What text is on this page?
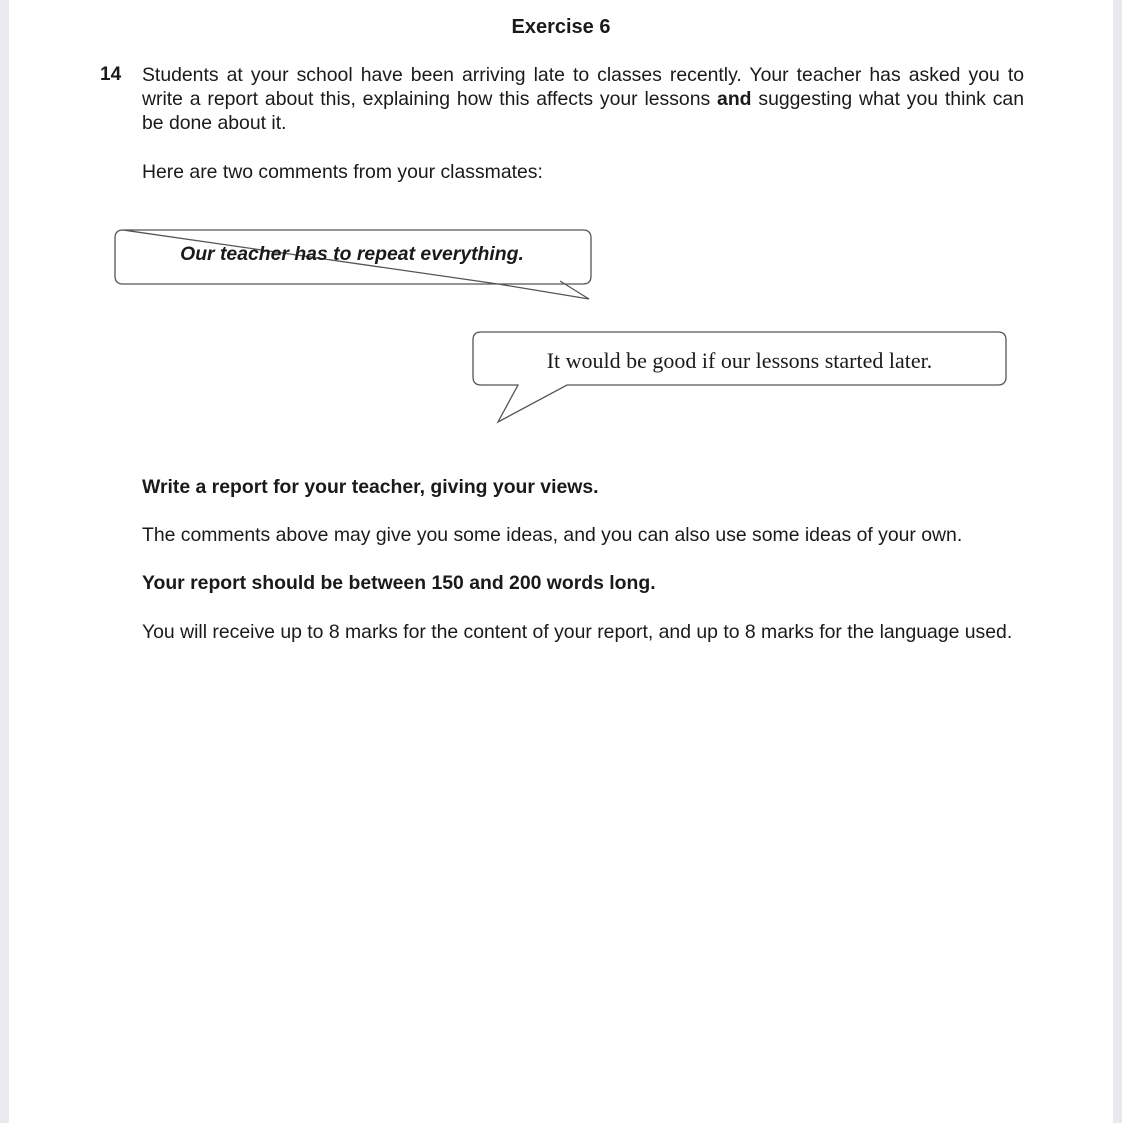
Exercise 6
14 Students at your school have been arriving late to classes recently. Your teacher has asked you to write a report about this, explaining how this affects your lessons and suggesting what you think can be done about it.
Here are two comments from your classmates:
Our teacher has to repeat everything.
It would be good if our lessons started later.
Write a report for your teacher, giving your views.
The comments above may give you some ideas, and you can also use some ideas of your own.
Your report should be between 150 and 200 words long.
You will receive up to 8 marks for the content of your report, and up to 8 marks for the language used.
